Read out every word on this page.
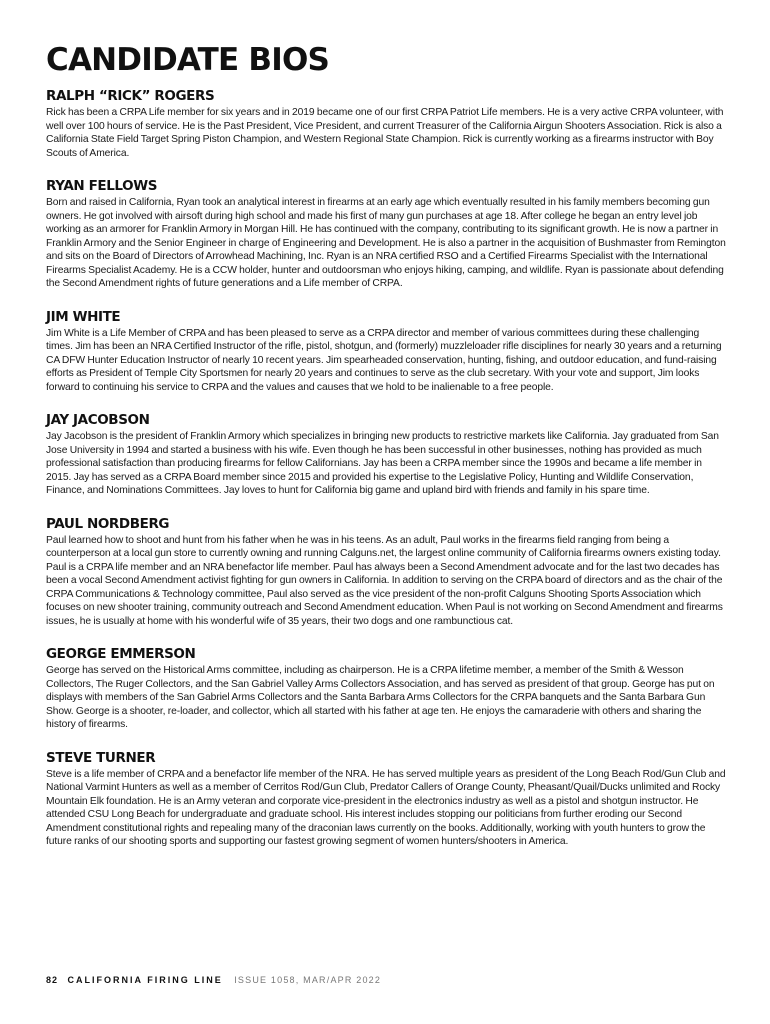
CANDIDATE BIOS
RALPH “RICK” ROGERS

Rick has been a CRPA Life member for six years and in 2019 became one of our first CRPA Patriot Life members. He is a very active CRPA volunteer, with well over 100 hours of service. He is the Past President, Vice President, and current Treasurer of the California Airgun Shooters Association. Rick is also a California State Field Target Spring Piston Champion, and Western Regional State Champion. Rick is currently working as a firearms instructor with Boy Scouts of America.

RYAN FELLOWS

Born and raised in California, Ryan took an analytical interest in firearms at an early age which eventually resulted in his family members becoming gun owners. He got involved with airsoft during high school and made his first of many gun purchases at age 18. After college he began an entry level job working as an armorer for Franklin Armory in Morgan Hill. He has continued with the company, contributing to its significant growth. He is now a partner in Franklin Armory and the Senior Engineer in charge of Engineering and Development. He is also a partner in the acquisition of Bushmaster from Remington and sits on the Board of Directors of Arrowhead Machining, Inc. Ryan is an NRA certified RSO and a Certified Firearms Specialist with the International Firearms Specialist Academy. He is a CCW holder, hunter and outdoorsman who enjoys hiking, camping, and wildlife. Ryan is passionate about defending the Second Amendment rights of future generations and a Life member of CRPA.

JIM WHITE

Jim White is a Life Member of CRPA and has been pleased to serve as a CRPA director and member of various committees during these challenging times. Jim has been an NRA Certified Instructor of the rifle, pistol, shotgun, and (formerly) muzzleloader rifle disciplines for nearly 30 years and a returning CA DFW Hunter Education Instructor of nearly 10 recent years. Jim spearheaded conservation, hunting, fishing, and outdoor education, and fund-raising efforts as President of Temple City Sportsmen for nearly 20 years and continues to serve as the club secretary. With your vote and support, Jim looks forward to continuing his service to CRPA and the values and causes that we hold to be inalienable to a free people.

JAY JACOBSON

Jay Jacobson is the president of Franklin Armory which specializes in bringing new products to restrictive markets like California. Jay graduated from San Jose University in 1994 and started a business with his wife. Even though he has been successful in other businesses, nothing has provided as much professional satisfaction than producing firearms for fellow Californians. Jay has been a CRPA member since the 1990s and became a life member in 2015. Jay has served as a CRPA Board member since 2015 and provided his expertise to the Legislative Policy, Hunting and Wildlife Conservation, Finance, and Nominations Committees. Jay loves to hunt for California big game and upland bird with friends and family in his spare time.

PAUL NORDBERG

Paul learned how to shoot and hunt from his father when he was in his teens. As an adult, Paul works in the firearms field ranging from being a counterperson at a local gun store to currently owning and running Calguns.net, the largest online community of California firearms owners existing today. Paul is a CRPA life member and an NRA benefactor life member. Paul has always been a Second Amendment advocate and for the last two decades has been a vocal Second Amendment activist fighting for gun owners in California. In addition to serving on the CRPA board of directors and as the chair of the CRPA Communications & Technology committee, Paul also served as the vice president of the non-profit Calguns Shooting Sports Association which focuses on new shooter training, community outreach and Second Amendment education. When Paul is not working on Second Amendment and firearms issues, he is usually at home with his wonderful wife of 35 years, their two dogs and one rambunctious cat.

GEORGE EMMERSON

George has served on the Historical Arms committee, including as chairperson. He is a CRPA lifetime member, a member of the Smith & Wesson Collectors, The Ruger Collectors, and the San Gabriel Valley Arms Collectors Association, and has served as president of that group. George has put on displays with members of the San Gabriel Arms Collectors and the Santa Barbara Arms Collectors for the CRPA banquets and the Santa Barbara Gun Show. George is a shooter, re-loader, and collector, which all started with his father at age ten. He enjoys the camaraderie with others and sharing the history of firearms.

STEVE TURNER

Steve is a life member of CRPA and a benefactor life member of the NRA. He has served multiple years as president of the Long Beach Rod/Gun Club and National Varmint Hunters as well as a member of Cerritos Rod/Gun Club, Predator Callers of Orange County, Pheasant/Quail/Ducks unlimited and Rocky Mountain Elk foundation. He is an Army veteran and corporate vice-president in the electronics industry as well as a pistol and shotgun instructor. He attended CSU Long Beach for undergraduate and graduate school. His interest includes stopping our politicians from further eroding our Second Amendment constitutional rights and repealing many of the draconian laws currently on the books. Additionally, working with youth hunters to grow the future ranks of our shooting sports and supporting our fastest growing segment of women hunters/shooters in America.

82 CALIFORNIA FIRING LINE ISSUE 1058, MAR/APR 2022
